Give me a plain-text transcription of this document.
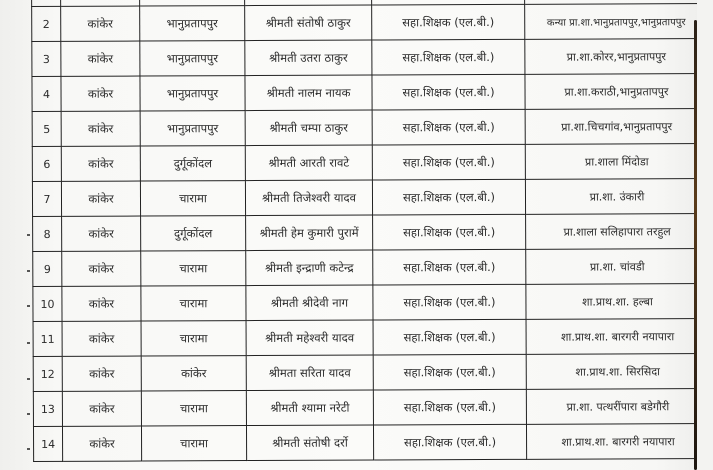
2	कांकेर	भानुप्रतापपुर	श्रीमती संतोषी ठाकुर	सहा.शिक्षक (एल.बी.)	कन्या प्रा.शा.भानुप्रतापपुर,भानुप्रतापपुर
3	कांकेर	भानुप्रतापपुर	श्रीमती उतरा ठाकुर	सहा.शिक्षक (एल.बी.)	प्रा.शा.कोरर,भानुप्रतापपुर
4	कांकेर	भानुप्रतापपुर	श्रीमती नालम नायक	सहा.शिक्षक (एल.बी.)	प्रा.शा.कराठी,भानुप्रतापपुर
5	कांकेर	भानुप्रतापपुर	श्रीमती चम्पा ठाकुर	सहा.शिक्षक (एल.बी.)	प्रा.शा.चिचगांव,भानुप्रतापपुर
6	कांकेर	दुर्गूकोंदल	श्रीमती आरती रावटे	सहा.शिक्षक (एल.बी.)	प्रा.शाला मिंदोडा
7	कांकेर	चारामा	श्रीमती तिजेश्वरी यादव	सहा.शिक्षक (एल.बी.)	प्रा.शा. उंकारी
8	कांकेर	दुर्गूकोंदल	श्रीमती हेम कुमारी पुरामें	सहा.शिक्षक (एल.बी.)	प्रा.शाला सलिहापारा तरहुल
9	कांकेर	चारामा	श्रीमती इन्द्राणी कटेन्द्र	सहा.शिक्षक (एल.बी.)	प्रा.शा. चांवडी
10	कांकेर	चारामा	श्रीमती श्रीदेवी नाग	सहा.शिक्षक (एल.बी.)	शा.प्राथ.शा. हल्बा
11	कांकेर	चारामा	श्रीमती महेश्वरी यादव	सहा.शिक्षक (एल.बी.)	शा.प्राथ.शा. बारगरी नयापारा
12	कांकेर	कांकेर	श्रीमता सरिता यादव	सहा.शिक्षक (एल.बी.)	शा.प्राथ.शा. सिरसिदा
13	कांकेर	चारामा	श्रीमती श्यामा नरेटी	सहा.शिक्षक (एल.बी.)	प्रा.शा. पत्थरींपारा बडेगौरी
14	कांकेर	चारामा	श्रीमती संतोषी दर्रो	सहा.शिक्षक (एल.बी.)	शा.प्राथ.शा. बारगरी नयापारा
